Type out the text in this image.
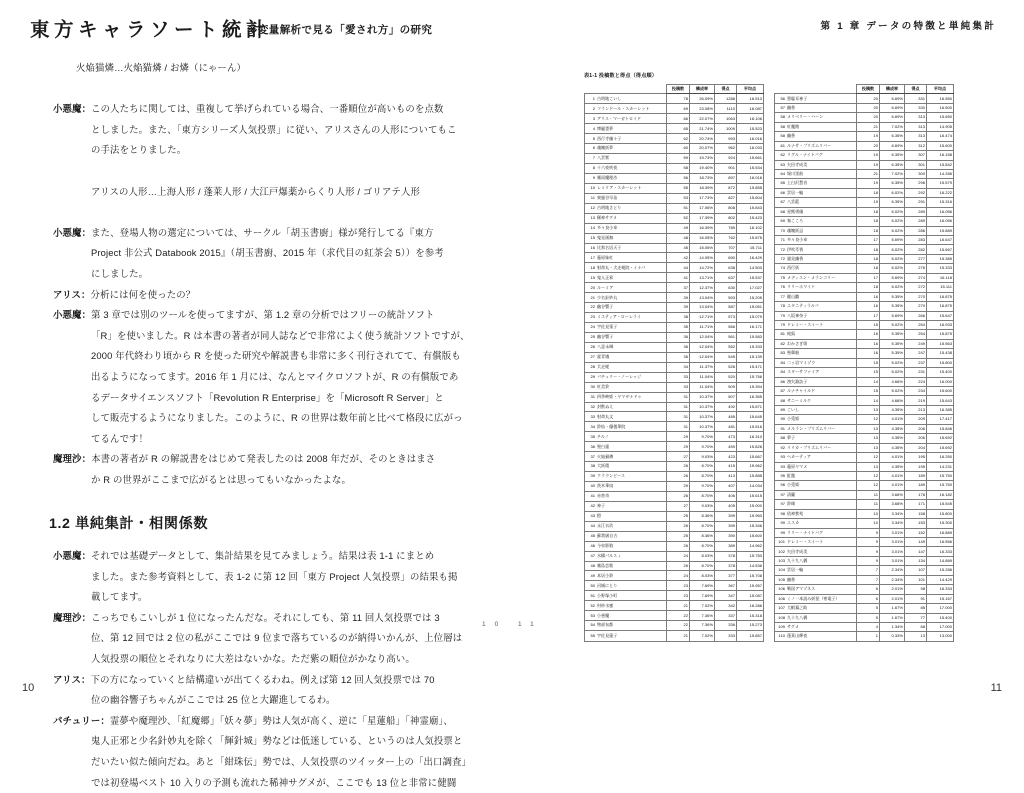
東方キャラソート統計
多変量解析で見る「愛され方」の研究
火焔猫燐…火焔猫燐 / お燐（にゃーん）
小悪魔：この人たちに関しては、重複して挙げられている場合、一番順位が高いものを点数
としました。また、「東方シリーズ人気投票」に従い、アリスさんの人形についてもこ
の手法をとりました。
アリスの人形…上海人形 / 蓬莱人形 / 大江戸爆薬からくり人形 / ゴリアテ人形
小悪魔：また、登場人物の選定については、サークル「胡玉書廚」様が発行してる『東方
Project 非公式 Databook 2015』（胡玉書廚、2015 年（求代目の紅茶会 5））を参考
にしました。
アリス：分析には何を使ったの？
小悪魔：第 3 章では別のツールを使ってますが、第 1.2 章の分析ではフリーの統計ソフト
「R」を使いました。R は本書の著者が同人誌などで非常によく使う統計ソフトですが、
2000 年代終わり頃から R を使った研究や解説書も非常に多く刊行されてて、有償版も
出るようになってます。2016 年 1 月には、なんとマイクロソフトが、R の有償版であ
るデータサイエンスソフト「Revolution R Enterprise」を「Microsoft R Server」と
して販売するようになりました。このように、R の世界は数年前と比べて格段に広がっ
てるんです！
魔理沙：本書の著者が R の解説書をはじめて発表したのは 2008 年だが、そのときはまさ
か R の世界がここまで広がるとは思ってもいなかったよな。
1.2 単純集計・相関係数
小悪魔：それでは基礎データとして、集計結果を見てみましょう。結果は表 1-1 にまとめ
ました。また参考資料として、表 1-2 に第 12 回「東方 Project 人気投票」の結果も掲
載してます。
魔理沙：こっちでもこいしが 1 位になったんだな。それにしても、第 11 回人気投票では 3
位、第 12 回では 2 位の私がここでは 9 位まで落ちているのが納得いかんが、上位層は
人気投票の順位とそれなりに大差はないかな。ただ紫の順位がかなり高い。
アリス：下の方になっていくと結構違いが出てくるわね。例えば第 12 回人気投票では 70
位の幽谷響子ちゃんがここでは 25 位と大躍進してるわ。
パチュリー：霊夢や魔理沙、「紅魔郷」「妖々夢」勢は人気が高く、逆に「星蓮船」「神霊廟」、
鬼人正邪と少名針妙丸を除く「輝針城」勢などは低迷している、というのは人気投票と
だいたい似た傾向だね。あと「紺珠伝」勢では、人気投票のツイッター上の「出口調査」
では初登場ベスト 10 入りの予測も流れた稀神サグメが、ここでも 13 位と非常に健闘
10
第 1 章 データの特徴と単純集計
表1-1 投稿数と得点（得点順）
		投稿数	構成率	得点	平均点
1	古明地こいし	78	26.09%	1288	16.513
2	フランドール・スカーレット	69	23.08%	1110	16.087
3	アリス・マーガトロイド	66	22.07%	1063	16.106
4	博麗霊夢	65	21.74%	1009	15.523
5	西行寺幽々子	62	20.74%	993	16.016
6	魂魄妖夢	60	20.07%	962	16.033
7	八雲紫	59	19.73%	924	15.661
8	十六夜咲夜	58	19.40%	901	15.534
9	霧雨魔理沙	56	18.73%	897	16.018
10	レミリア・スカーレット	55	18.39%	872	15.855
11	東風谷早苗	53	17.73%	827	15.604
12	古明地さとり	51	17.06%	808	15.843
13	稀神サグメ	52	17.39%	802	15.423
14	多々良小傘	49	16.39%	789	16.102
15	鬼見画無	48	16.05%	762	15.875
16	比那名居天子	45	15.05%	707	15.711
17	藤原妹紅	42	14.05%	690	16.429
18	射命丸・犬走椛院・イナバ	44	14.72%	638	14.500
19	鬼人正邪	41	13.71%	637	15.537
20	ルーミア	37	12.37%	630	17.027
21	少名針妙丸	39	13.04%	593	15.205
22	幽谷響子	39	13.04%	587	15.051
23	ミスティア・ローレライ	38	12.71%	573	15.079
24	宇佐見菫子	35	11.71%	566	16.171
25	幽谷響子	36	12.04%	561	15.583
26	八意永琳	36	12.04%	552	15.333
27	霍青娥	36	12.04%	545	15.139
28	犬走椛	34	11.37%	526	15.471
29	パチュリー・ノーレッジ	33	11.04%	520	15.758
30	紅美鈴	33	11.04%	509	15.394
31	四季映姫・ヤマザナドゥ	31	10.37%	507	16.355
32	封獣ぬえ	31	10.37%	492	15.871
33	射命丸文	31	10.37%	485	15.645
34	鈴仙・優曇華院	31	10.37%	481	15.516
35	チルノ	29	9.70%	473	16.310
36	聖白蓮	29	9.70%	459	15.828
37	火焔猫燐	27	9.03%	423	15.667
38	大妖精	26	8.70%	415	15.962
39	クラウンピース	26	8.70%	413	15.885
40	茨木華扇	29	9.70%	407	14.034
41	赤蛮奇	26	8.70%	406	15.615
42	神子	27	9.03%	405	15.000
43	橙	25	8.36%	399	15.960
44	永江衣玖	26	8.70%	399	15.346
45	蘇我屠自古	25	8.36%	390	15.600
46	今泉影狼	26	8.70%	389	14.962
47	水橋パルスィ	24	8.03%	378	15.750
48	霧島恋歌	26	8.70%	378	14.538
49	本居小鈴	24	8.03%	377	15.708
50	河城にとり	23	7.69%	367	15.957
51	小野塚小町	23	7.69%	347	15.087
52	村紗水蜜	21	7.02%	342	16.286
53	小悪魔	22	7.36%	337	15.318
54	物部布都	22	7.36%	336	15.273
55	宇佐見蓮子	21	7.02%	333	15.857
		投稿数	構成率	得点	平均点
56	豊聡耳神子	20	6.69%	331	16.550
57	幽香	20	6.69%	330	16.500
58	メリベリー・ハーン	20	6.69%	313	15.650
58	紅魔館	21	7.02%	313	14.905
58	幽香	19	6.35%	313	16.474
61	ルナサ・プリズムリバー	20	6.69%	312	15.600
62	リグル・ナイトバグ	19	6.35%	307	16.158
63	矢田寺成美	19	6.35%	301	15.842
64	堀川雷鼓	21	7.02%	300	14.286
65	上白沢慧音	19	6.35%	296	15.579
66	雲居一輪	18	6.02%	292	16.222
67	八雲藍	19	6.35%	291	15.316
68	星熊勇儀	18	6.02%	289	16.056
69	秦こころ	18	6.02%	289	16.056
70	魂魄妖忌	18	6.02%	286	15.889
71	多々良小傘	17	5.69%	283	16.647
72	伊吹萃香	18	6.02%	282	15.667
72	風見幽香	18	6.02%	277	15.389
74	西行妖	18	6.02%	276	15.333
75	メディスン・メランコリー	17	5.69%	274	16.118
76	リリーホワイト	18	6.02%	272	15.111
77	鍵山雛	16	5.35%	270	16.875
78	エタニティラルバ	16	5.35%	270	16.875
79	八坂神奈子	17	5.69%	266	15.647
79	ドレミー・スイート	15	5.02%	254	16.933
81	純狐	16	5.35%	254	15.875
82	わかさぎ姫	16	5.35%	249	15.563
83	聖輦船	16	5.35%	247	15.438
84	二ッ岩マミゾウ	15	5.02%	237	15.800
84	スターサファイア	15	5.02%	231	15.400
86	洩矢諏訪子	14	4.68%	224	16.000
87	ルナチャイルド	15	5.02%	234	15.600
88	サニーミルク	14	4.68%	219	15.643
89	こいし	13	4.35%	213	16.385
90	小兎姫	12	4.01%	209	17.417
91	メルラン・プリズムリバー	13	4.35%	206	15.846
88	夢子	13	4.35%	206	15.692
92	リリカ・プリズムリバー	13	4.35%	204	15.692
93	ヘカーティア	12	4.01%	195	16.250
93	藤原ヤマメ	13	4.35%	195	14.231
95	虹龍	12	4.01%	189	15.750
96	小兎姫	12	4.01%	189	15.750
97	清蘭	11	3.68%	178	16.182
97	鈴瑚	11	3.68%	171	15.545
98	依神紫苑	10	3.34%	158	15.800
99	エスカ	10	3.34%	153	15.300
99	リリー・ナイトバグ	9	3.01%	152	16.889
101	ドレミー・スイート	9	3.01%	149	16.556
102	矢田寺成美	9	3.01%	147	16.333
103	九十九八橋	9	3.01%	134	14.889
104	雲居一輪	7	2.34%	107	15.286
105	幽香	7	2.34%	101	14.429
106	戦国アマゾネス	6	2.01%	98	16.333
106	くノ一本読み妖怪（寒電子）	6	2.01%	91	15.167
107	大蝦蟇之助	5	1.67%	85	17.000
108	九十九八橋	5	1.67%	77	15.400
109	サグメ	4	1.34%	68	17.000
110	蓬莱山輝夜	1	0.33%	13	13.000
11
10 11
